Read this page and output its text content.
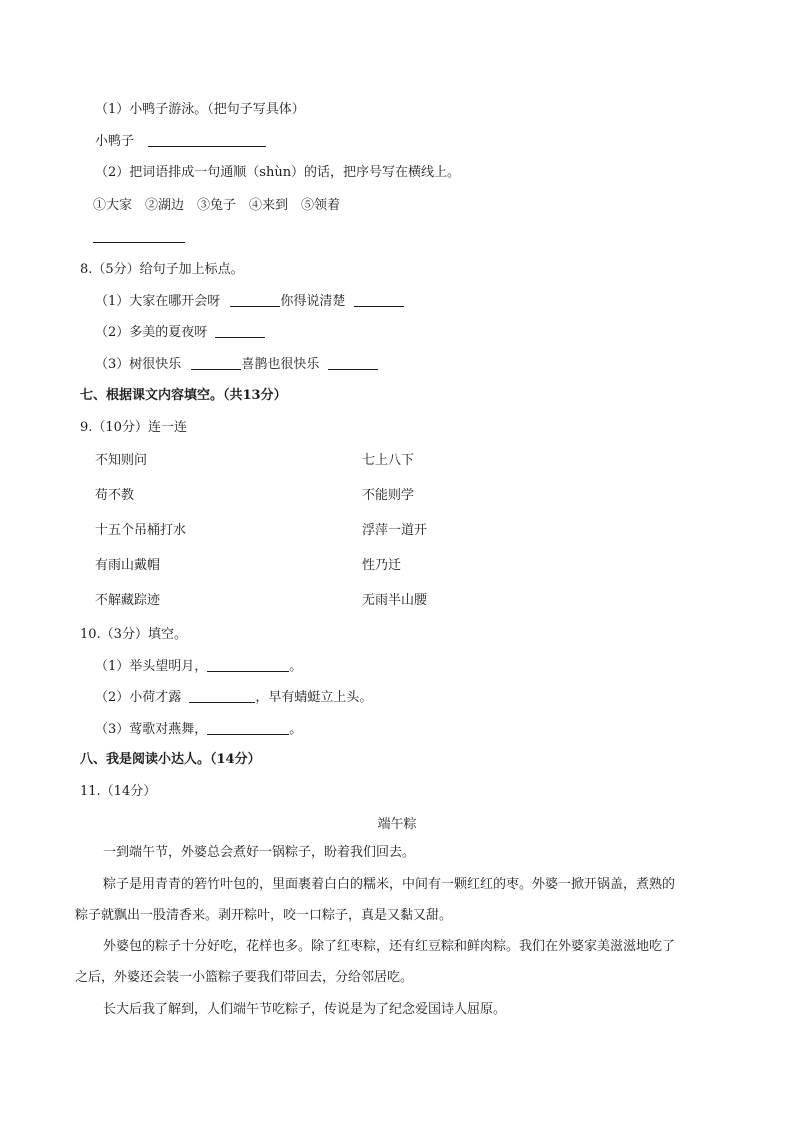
（1）小鸭子游泳。（把句子写具体）
小鸭子
（2）把词语排成一句通顺（shùn）的话，把序号写在横线上。
①大家　②湖边　③兔子　④来到　⑤领着
8.（5分）给句子加上标点。
（1）大家在哪开会呀	你得说清楚
（2）多美的夏夜呀
（3）树很快乐	喜鹊也很快乐
七、根据课文内容填空。（共13分）
9.（10分）连一连
不知则问	七上八下
苟不教	不能则学
十五个吊桶打水	浮萍一道开
有雨山戴帽	性乃迁
不解藏踪迹	无雨半山腰
10.（3分）填空。
（1）举头望明月，	。
（2）小荷才露	，早有蜻蜓立上头。
（3）莺歌对燕舞，	。
八、我是阅读小达人。（14分）
11.（14分）
端午粽
一到端午节，外婆总会煮好一锅粽子，盼着我们回去。
粽子是用青青的箬竹叶包的，里面裹着白白的糯米，中间有一颗红红的枣。外婆一掀开锅盖，煮熟的
粽子就飘出一股清香来。剥开粽叶，咬一口粽子，真是又黏又甜。
外婆包的粽子十分好吃，花样也多。除了红枣粽，还有红豆粽和鲜肉粽。我们在外婆家美滋滋地吃了
之后，外婆还会装一小篮粽子要我们带回去，分给邻居吃。
长大后我了解到，人们端午节吃粽子，传说是为了纪念爱国诗人屈原。
